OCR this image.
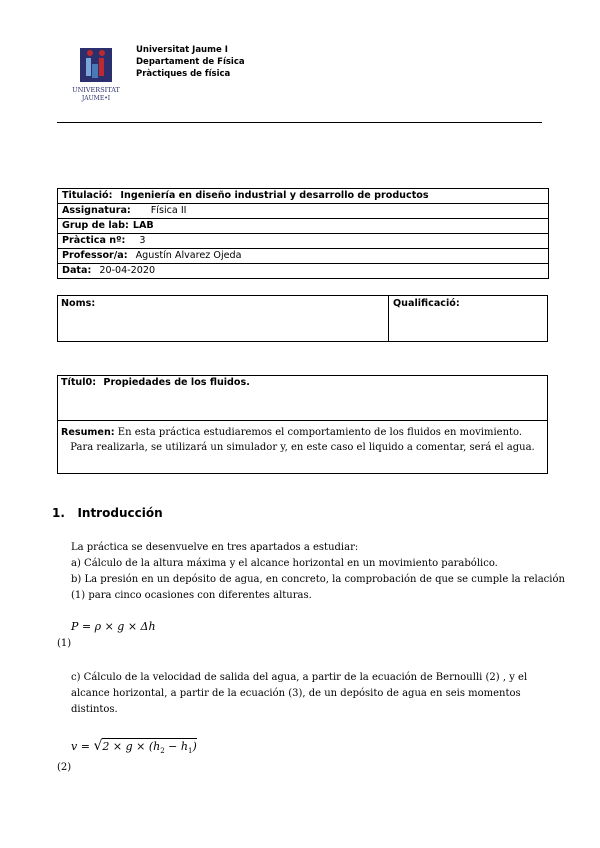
UNIVERSITAT
JAUME•I
Universitat Jaume I
Departament de Física
Pràctiques de física
Titulació: Ingeniería en diseño industrial y desarrollo de productos
Assignatura: Física II
Grup de lab: LAB
Pràctica nº: 3
Professor/a: Agustín Alvarez Ojeda
Data: 20-04-2020
Noms:	Qualificació:
Títul0: Propiedades de los fluidos.
Resumen: En esta práctica estudiaremos el comportamiento de los fluidos en movimiento.
Para realizarla, se utilizará un simulador y, en este caso el liquido a comentar, será el agua.
1.   Introducción
La práctica se desenvuelve en tres apartados a estudiar:
a) Cálculo de la altura máxima y el alcance horizontal en un movimiento parabólico.
b) La presión en un depósito de agua, en concreto, la comprobación de que se cumple la relación
(1) para cinco ocasiones con diferentes alturas.
P = ρ × g × Δh
(1)
c) Cálculo de la velocidad de salida del agua, a partir de la ecuación de Bernoulli (2) , y el
alcance horizontal, a partir de la ecuación (3), de un depósito de agua en seis momentos
distintos.
$v = √2 \times g \times (h_2 - h_1)$
(2)
